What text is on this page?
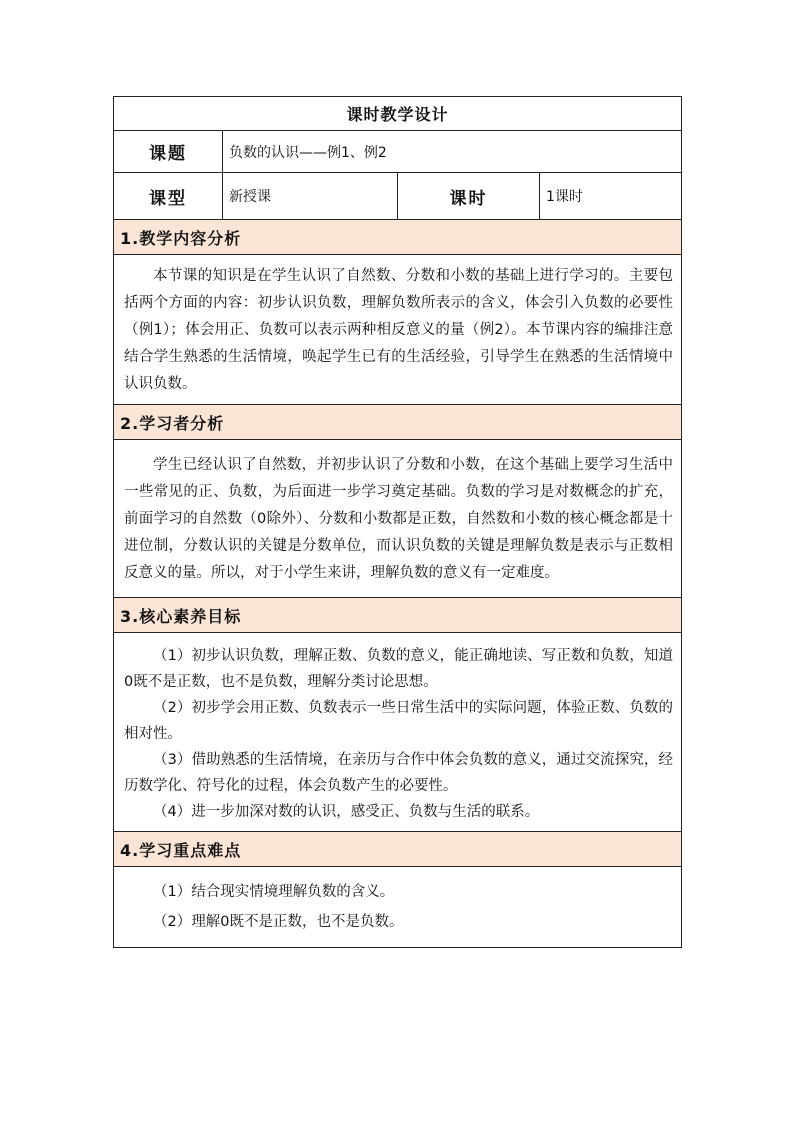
课时教学设计			
课题	负数的认识——例1、例2		
课型	新授课	课时	1课时
1.教学内容分析			
本节课的知识是在学生认识了自然数、分数和小数的基础上进行学习的。主要包括两个方面的内容：初步认识负数，理解负数所表示的含义，体会引入负数的必要性（例1）；体会用正、负数可以表示两种相反意义的量（例2）。本节课内容的编排注意结合学生熟悉的生活情境，唤起学生已有的生活经验，引导学生在熟悉的生活情境中认识负数。			
2.学习者分析			
学生已经认识了自然数，并初步认识了分数和小数，在这个基础上要学习生活中一些常见的正、负数，为后面进一步学习奠定基础。负数的学习是对数概念的扩充，前面学习的自然数（0除外）、分数和小数都是正数，自然数和小数的核心概念都是十进位制，分数认识的关键是分数单位，而认识负数的关键是理解负数是表示与正数相反意义的量。所以，对于小学生来讲，理解负数的意义有一定难度。			
3.核心素养目标			

（1）初步认识负数，理解正数、负数的意义，能正确地读、写正数和负数，知道0既不是正数，也不是负数，理解分类讨论思想。

（2）初步学会用正数、负数表示一些日常生活中的实际问题，体验正数、负数的相对性。

（3）借助熟悉的生活情境，在亲历与合作中体会负数的意义，通过交流探究，经历数学化、符号化的过程，体会负数产生的必要性。

（4）进一步加深对数的认识，感受正、负数与生活的联系。			

4.学习重点难点			

（1）结合现实情境理解负数的含义。

（2）理解0既不是正数，也不是负数。			
